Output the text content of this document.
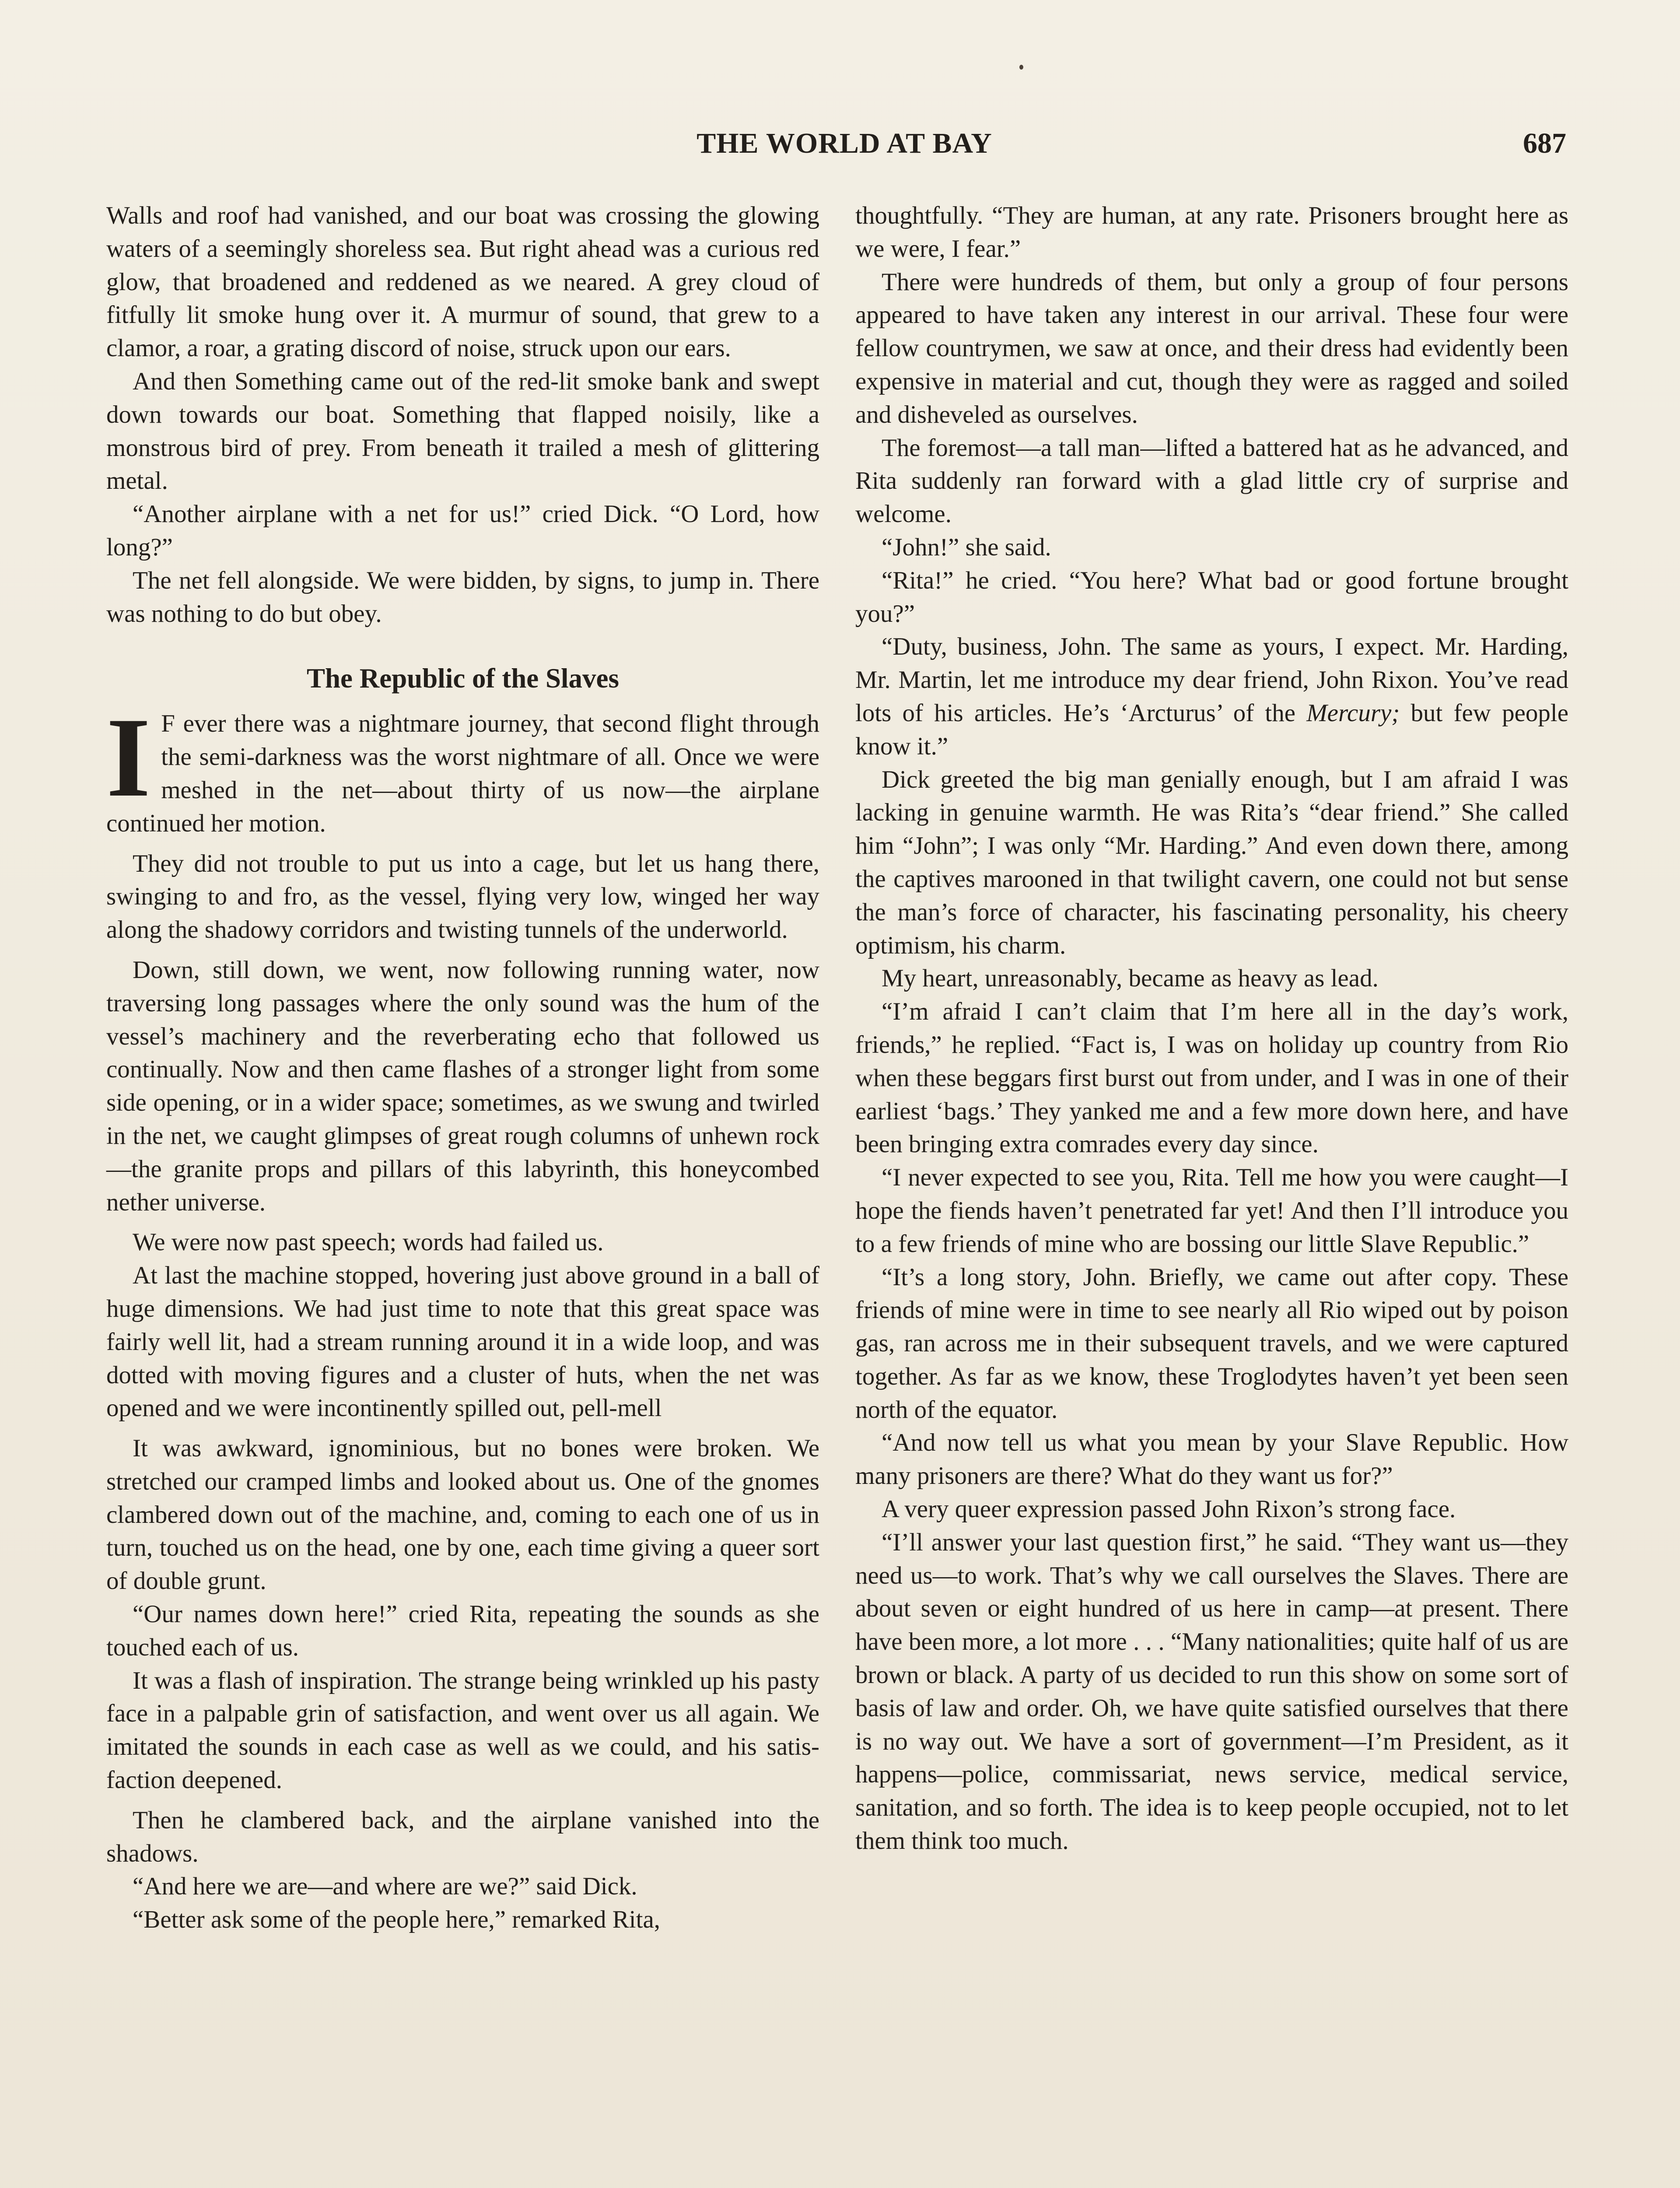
THE WORLD AT BAY	687

Walls and roof had vanished, and our boat was crossing the glowing waters of a seemingly shoreless sea. But right ahead was a curious red glow, that broadened and reddened as we neared. A grey cloud of fitfully lit smoke hung over it. A murmur of sound, that grew to a clamor, a roar, a grating discord of noise, struck upon our ears.

And then Something came out of the red-lit smoke bank and swept down towards our boat. Something that flapped noisily, like a monstrous bird of prey. From beneath it trailed a mesh of glittering metal.

“Another airplane with a net for us!” cried Dick. “O Lord, how long?”

The net fell alongside. We were bidden, by signs, to jump in. There was nothing to do but obey.

The Republic of the Slaves

I F ever there was a nightmare journey, that second flight through the semi-darkness was the worst nightmare of all. Once we were meshed in the net—about thirty of us now—the airplane continued her motion.

They did not trouble to put us into a cage, but let us hang there, swinging to and fro, as the vessel, flying very low, winged her way along the shadowy corridors and twisting tunnels of the underworld.

Down, still down, we went, now following running water, now traversing long passages where the only sound was the hum of the vessel’s machinery and the reverberating echo that followed us continually. Now and then came flashes of a stronger light from some side opening, or in a wider space; sometimes, as we swung and twirled in the net, we caught glimpses of great rough columns of unhewn rock—the granite props and pillars of this labyrinth, this honeycombed nether universe.

We were now past speech; words had failed us.

At last the machine stopped, hovering just above ground in a ball of huge dimensions. We had just time to note that this great space was fairly well lit, had a stream running around it in a wide loop, and was dotted with moving figures and a cluster of huts, when the net was opened and we were incontinently spilled out, pell-mell

It was awkward, ignominious, but no bones were broken. We stretched our cramped limbs and looked about us. One of the gnomes clambered down out of the machine, and, coming to each one of us in turn, touched us on the head, one by one, each time giving a queer sort of double grunt.

“Our names down here!” cried Rita, repeating the sounds as she touched each of us.

It was a flash of inspiration. The strange being wrinkled up his pasty face in a palpable grin of satisfaction, and went over us all again. We imitated the sounds in each case as well as we could, and his satisfaction deepened.

Then he clambered back, and the airplane vanished into the shadows.

“And here we are—and where are we?” said Dick.

“Better ask some of the people here,” remarked Rita,

thoughtfully. “They are human, at any rate. Prisoners brought here as we were, I fear.”

There were hundreds of them, but only a group of four persons appeared to have taken any interest in our arrival. These four were fellow countrymen, we saw at once, and their dress had evidently been expensive in material and cut, though they were as ragged and soiled and disheveled as ourselves.

The foremost—a tall man—lifted a battered hat as he advanced, and Rita suddenly ran forward with a glad little cry of surprise and welcome.

“John!” she said.

“Rita!” he cried. “You here? What bad or good fortune brought you?”

“Duty, business, John. The same as yours, I expect. Mr. Harding, Mr. Martin, let me introduce my dear friend, John Rixon. You’ve read lots of his articles. He’s ‘Arcturus’ of the Mercury; but few people know it.”

Dick greeted the big man genially enough, but I am afraid I was lacking in genuine warmth. He was Rita’s “dear friend.” She called him “John”; I was only “Mr. Harding.” And even down there, among the captives marooned in that twilight cavern, one could not but sense the man’s force of character, his fascinating personality, his cheery optimism, his charm.

My heart, unreasonably, became as heavy as lead.

“I’m afraid I can’t claim that I’m here all in the day’s work, friends,” he replied. “Fact is, I was on holiday up country from Rio when these beggars first burst out from under, and I was in one of their earliest ‘bags.’ They yanked me and a few more down here, and have been bringing extra comrades every day since.

“I never expected to see you, Rita. Tell me how you were caught—I hope the fiends haven’t penetrated far yet! And then I’ll introduce you to a few friends of mine who are bossing our little Slave Republic.”

“It’s a long story, John. Briefly, we came out after copy. These friends of mine were in time to see nearly all Rio wiped out by poison gas, ran across me in their subsequent travels, and we were captured together. As far as we know, these Troglodytes haven’t yet been seen north of the equator.

“And now tell us what you mean by your Slave Republic. How many prisoners are there? What do they want us for?”

A very queer expression passed John Rixon’s strong face.

“I’ll answer your last question first,” he said. “They want us—they need us—to work. That’s why we call ourselves the Slaves. There are about seven or eight hundred of us here in camp—at present. There have been more, a lot more . . . “Many nationalities; quite half of us are brown or black. A party of us decided to run this show on some sort of basis of law and order. Oh, we have quite satisfied ourselves that there is no way out. We have a sort of government—I’m President, as it happens—police, commissariat, news service, medical service, sanitation, and so forth. The idea is to keep people occupied, not to let them think too much.
